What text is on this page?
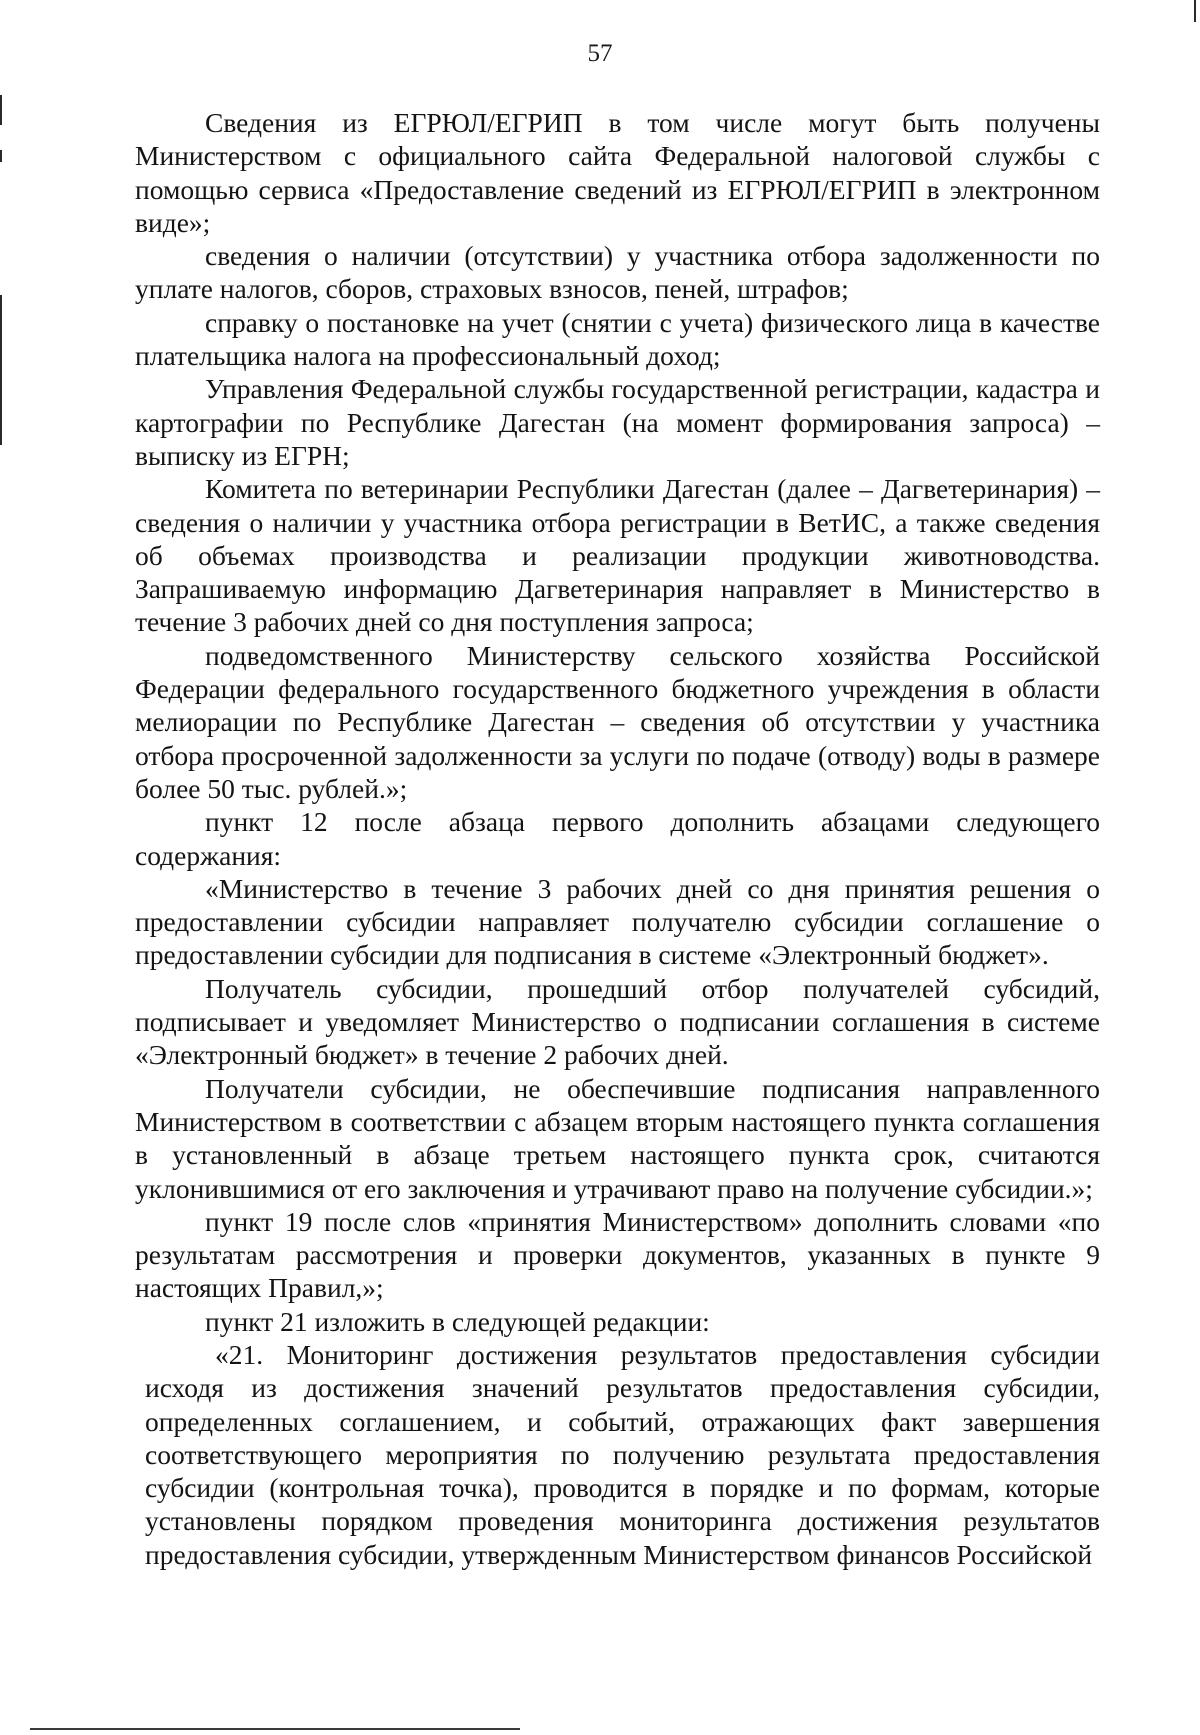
57

Сведения из ЕГРЮЛ/ЕГРИП в том числе могут быть получены Министерством с официального сайта Федеральной налоговой службы с помощью сервиса «Предоставление сведений из ЕГРЮЛ/ЕГРИП в электронном виде»;

сведения о наличии (отсутствии) у участника отбора задолженности по уплате налогов, сборов, страховых взносов, пеней, штрафов;

справку о постановке на учет (снятии с учета) физического лица в качестве плательщика налога на профессиональный доход;

Управления Федеральной службы государственной регистрации, кадастра и картографии по Республике Дагестан (на момент формирования запроса) – выписку из ЕГРН;

Комитета по ветеринарии Республики Дагестан (далее – Дагветеринария) – сведения о наличии у участника отбора регистрации в ВетИС, а также сведения об объемах производства и реализации продукции животноводства. Запрашиваемую информацию Дагветеринария направляет в Министерство в течение 3 рабочих дней со дня поступления запроса;

подведомственного Министерству сельского хозяйства Российской Федерации федерального государственного бюджетного учреждения в области мелиорации по Республике Дагестан – сведения об отсутствии у участника отбора просроченной задолженности за услуги по подаче (отводу) воды в размере более 50 тыс. рублей.»;

пункт 12 после абзаца первого дополнить абзацами следующего содержания:

«Министерство в течение 3 рабочих дней со дня принятия решения о предоставлении субсидии направляет получателю субсидии соглашение о предоставлении субсидии для подписания в системе «Электронный бюджет».

Получатель субсидии, прошедший отбор получателей субсидий, подписывает и уведомляет Министерство о подписании соглашения в системе «Электронный бюджет» в течение 2 рабочих дней.

Получатели субсидии, не обеспечившие подписания направленного Министерством в соответствии с абзацем вторым настоящего пункта соглашения в установленный в абзаце третьем настоящего пункта срок, считаются уклонившимися от его заключения и утрачивают право на получение субсидии.»;

пункт 19 после слов «принятия Министерством» дополнить словами «по результатам рассмотрения и проверки документов, указанных в пункте 9 настоящих Правил,»;

пункт 21 изложить в следующей редакции:

«21. Мониторинг достижения результатов предоставления субсидии исходя из достижения значений результатов предоставления субсидии, определенных соглашением, и событий, отражающих факт завершения соответствующего мероприятия по получению результата предоставления субсидии (контрольная точка), проводится в порядке и по формам, которые установлены порядком проведения мониторинга достижения результатов предоставления субсидии, утвержденным Министерством финансов Российской
